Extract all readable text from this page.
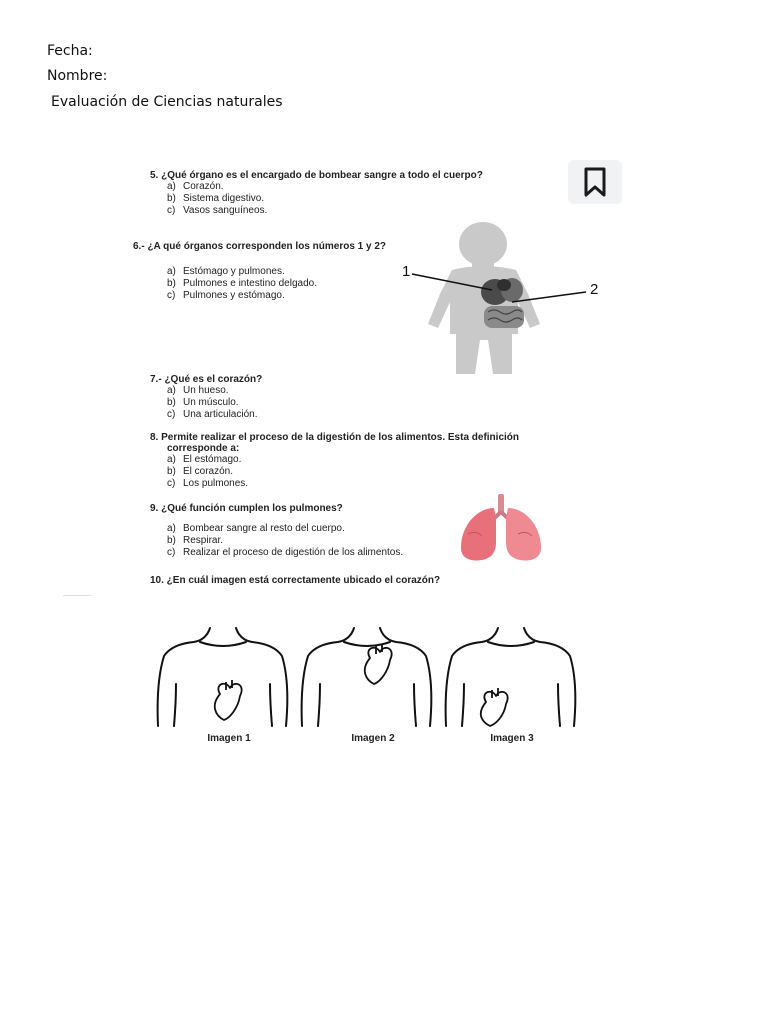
Fecha:
Nombre:
Evaluación de Ciencias naturales
5. ¿Qué órgano es el encargado de bombear sangre a todo el cuerpo?
a) Corazón.
b) Sistema digestivo.
c) Vasos sanguíneos.
6.- ¿A qué órganos corresponden los números 1 y 2?
a) Estómago y pulmones.
b) Pulmones e intestino delgado.
c) Pulmones y estómago.
1
2
7.- ¿Qué es el corazón?
a) Un hueso.
b) Un músculo.
c) Una articulación.
8. Permite realizar el proceso de la digestión de los alimentos. Esta definición
corresponde a:
a) El estómago.
b) El corazón.
c) Los pulmones.
9. ¿Qué función cumplen los pulmones?
a) Bombear sangre al resto del cuerpo.
b) Respirar.
c) Realizar el proceso de digestión de los alimentos.
10. ¿En cuál imagen está correctamente ubicado el corazón?
Imagen 1	Imagen 2	Imagen 3
